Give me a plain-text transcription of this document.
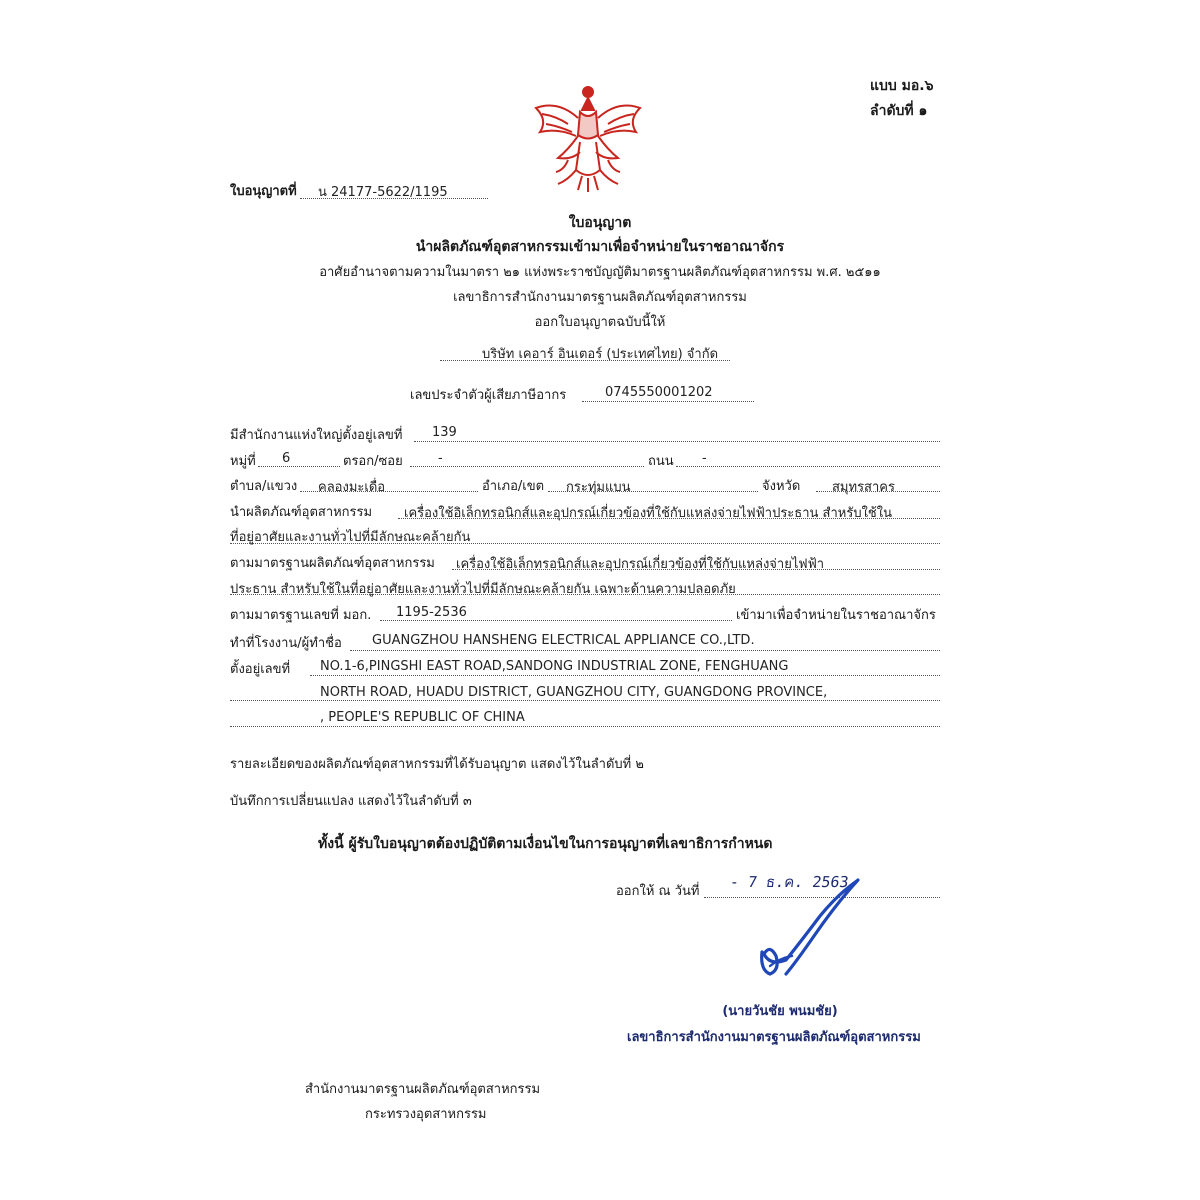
แบบ มอ.๖
ลำดับที่ ๑
ใบอนุญาตที่ น 24177-5622/1195
ใบอนุญาต
นำผลิตภัณฑ์อุตสาหกรรมเข้ามาเพื่อจำหน่ายในราชอาณาจักร
อาศัยอำนาจตามความในมาตรา ๒๑ แห่งพระราชบัญญัติมาตรฐานผลิตภัณฑ์อุตสาหกรรม พ.ศ. ๒๕๑๑
เลขาธิการสำนักงานมาตรฐานผลิตภัณฑ์อุตสาหกรรม
ออกใบอนุญาตฉบับนี้ให้
บริษัท เคอาร์ อินเตอร์ (ประเทศไทย) จำกัด
เลขประจำตัวผู้เสียภาษีอากร	0745550001202
มีสำนักงานแห่งใหญ่ตั้งอยู่เลขที่ 139
หมู่ที่ 6	ตรอก/ซอย	-	ถนน -
ตำบล/แขวง คลองมะเดื่อ	อำเภอ/เขต กระทุ่มแบน	จังหวัด สมุทรสาคร
นำผลิตภัณฑ์อุตสาหกรรม เครื่องใช้อิเล็กทรอนิกส์และอุปกรณ์เกี่ยวข้องที่ใช้กับแหล่งจ่ายไฟฟ้าประธาน สำหรับใช้ใน
ที่อยู่อาศัยและงานทั่วไปที่มีลักษณะคล้ายกัน
ตามมาตรฐานผลิตภัณฑ์อุตสาหกรรม เครื่องใช้อิเล็กทรอนิกส์และอุปกรณ์เกี่ยวข้องที่ใช้กับแหล่งจ่ายไฟฟ้า
ประธาน สำหรับใช้ในที่อยู่อาศัยและงานทั่วไปที่มีลักษณะคล้ายกัน เฉพาะด้านความปลอดภัย
ตามมาตรฐานเลขที่ มอก. 1195-2536	เข้ามาเพื่อจำหน่ายในราชอาณาจักร
ทำที่โรงงาน/ผู้ทำชื่อ GUANGZHOU HANSHENG ELECTRICAL APPLIANCE CO.,LTD.
ตั้งอยู่เลขที่ NO.1-6,PINGSHI EAST ROAD,SANDONG INDUSTRIAL ZONE, FENGHUANG
NORTH ROAD, HUADU DISTRICT, GUANGZHOU CITY, GUANGDONG PROVINCE,
, PEOPLE'S REPUBLIC OF CHINA
รายละเอียดของผลิตภัณฑ์อุตสาหกรรมที่ได้รับอนุญาต แสดงไว้ในลำดับที่ ๒
บันทึกการเปลี่ยนแปลง แสดงไว้ในลำดับที่ ๓
ทั้งนี้ ผู้รับใบอนุญาตต้องปฏิบัติตามเงื่อนไขในการอนุญาตที่เลขาธิการกำหนด
ออกให้ ณ วันที่
- 7 ธ.ค. 2563
(นายวันชัย พนมชัย)
เลขาธิการสำนักงานมาตรฐานผลิตภัณฑ์อุตสาหกรรม
สำนักงานมาตรฐานผลิตภัณฑ์อุตสาหกรรม
กระทรวงอุตสาหกรรม
